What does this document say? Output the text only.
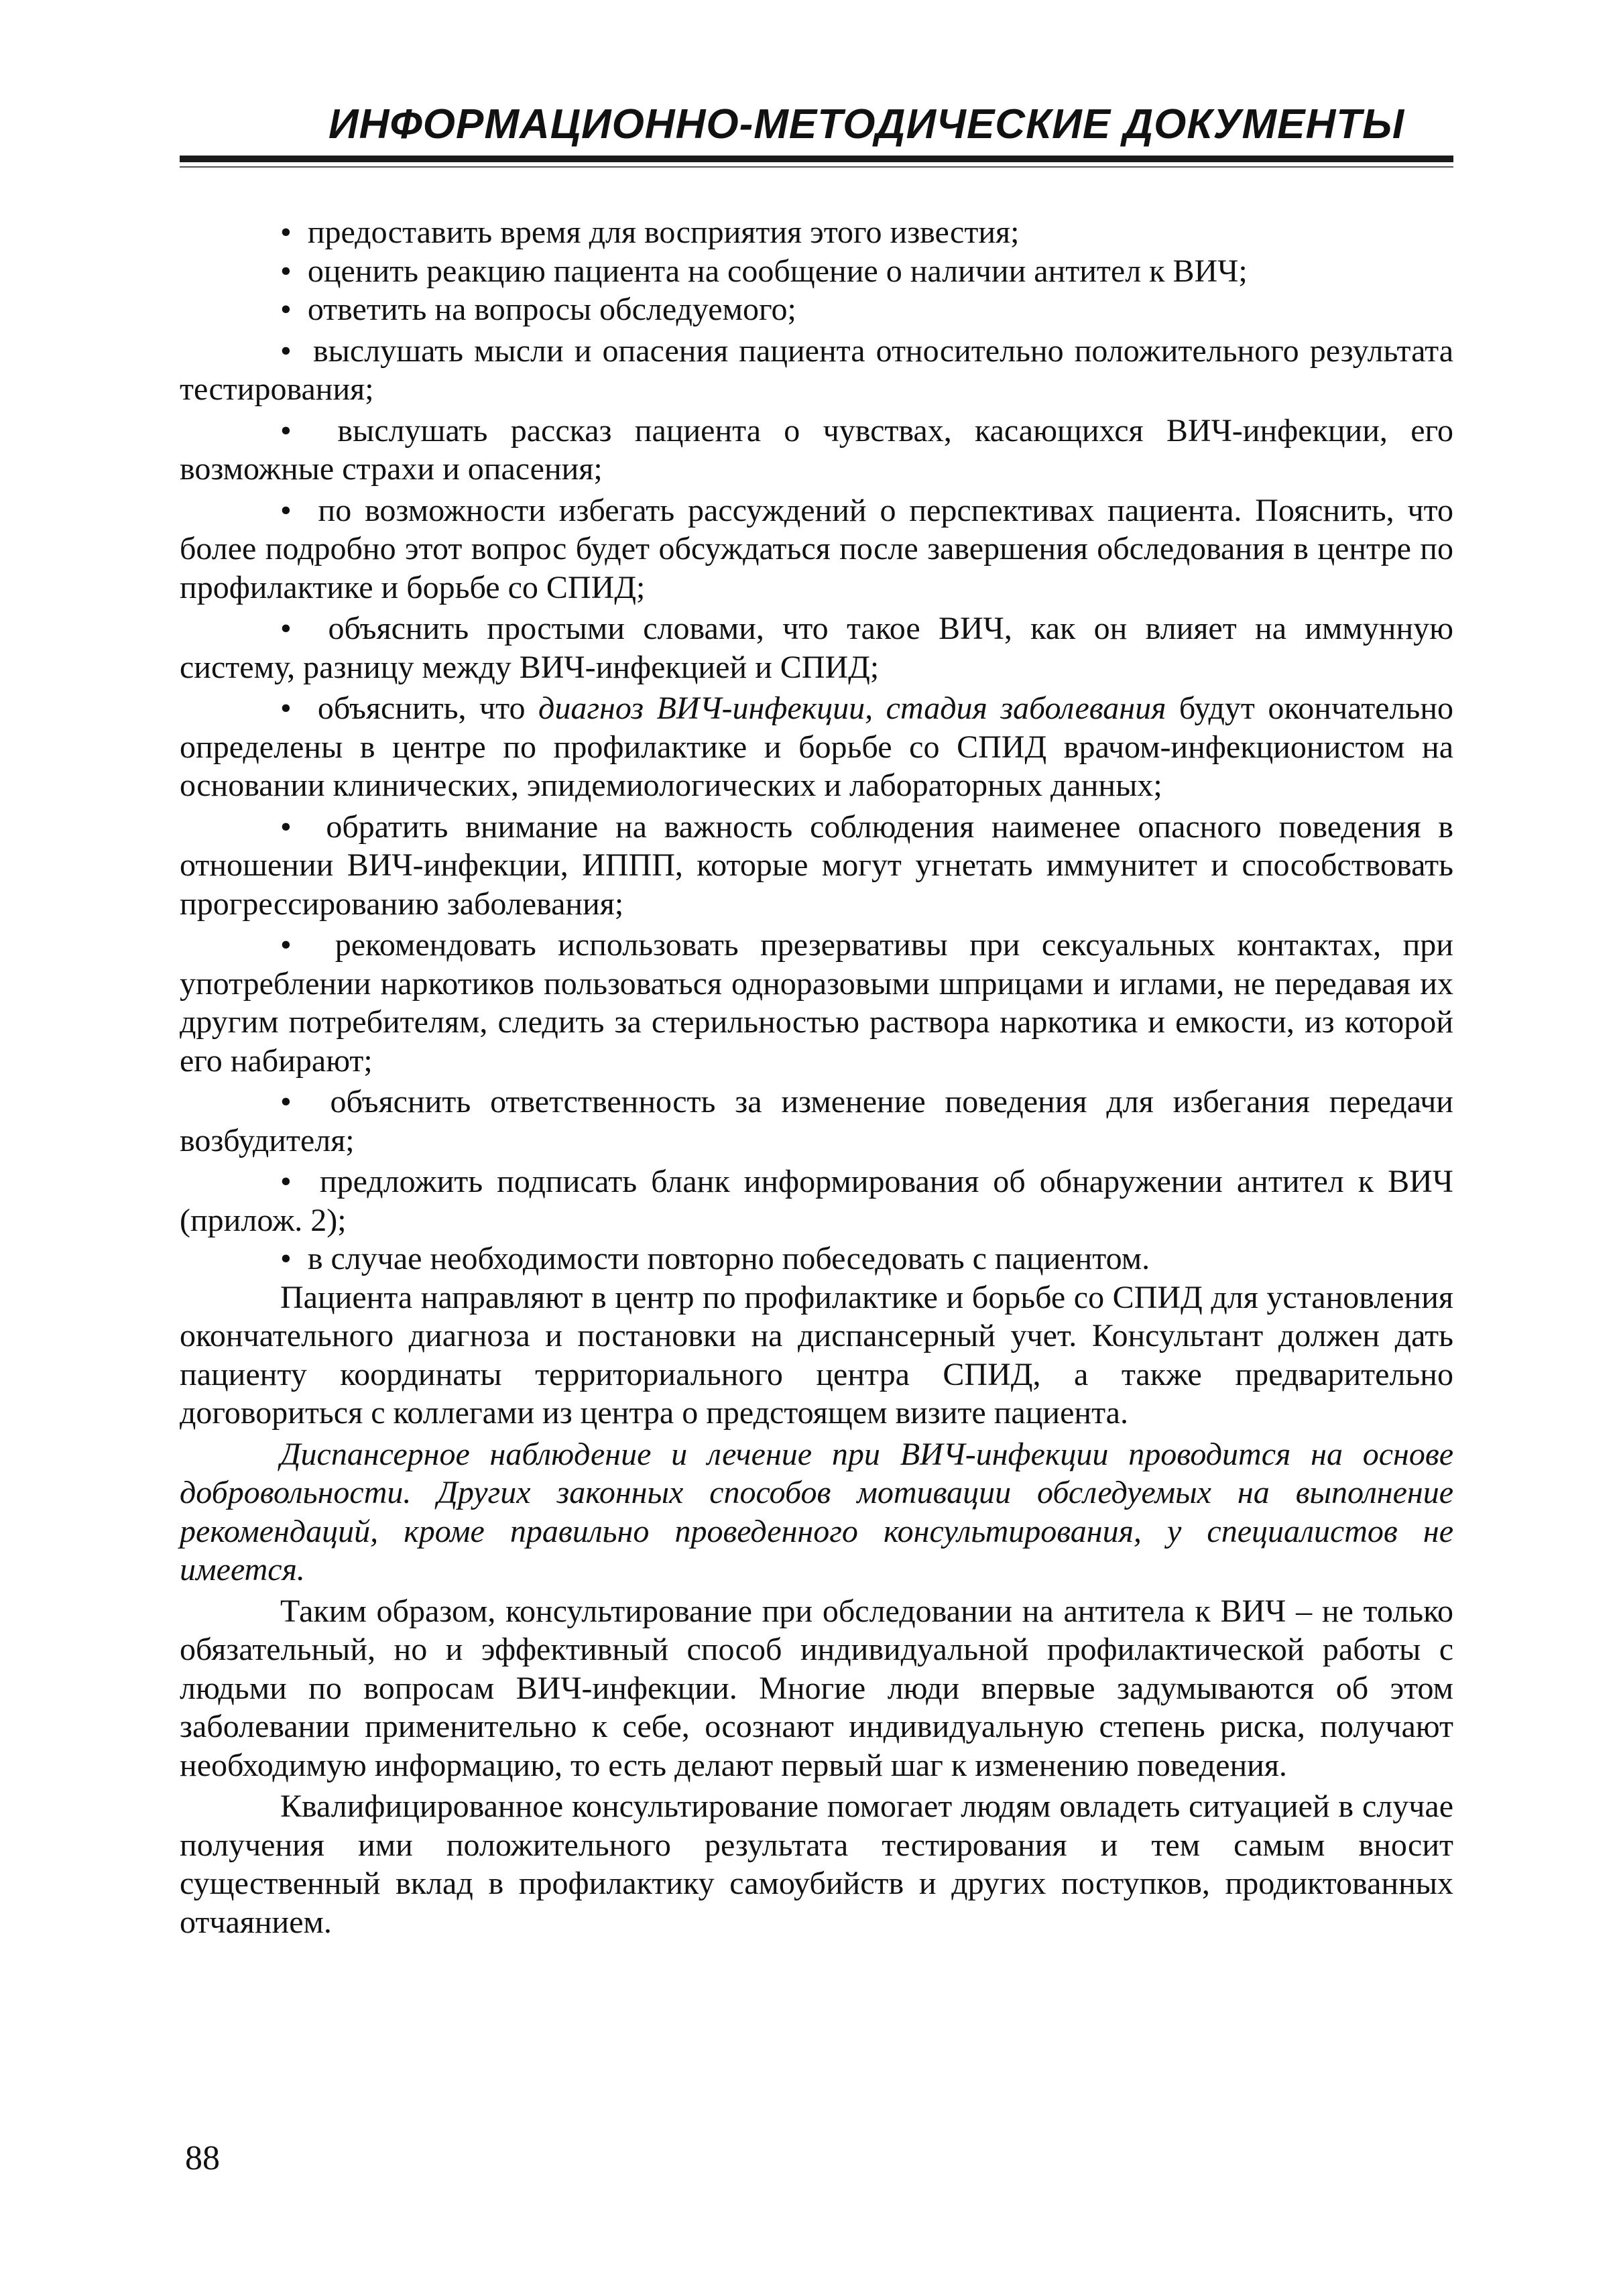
ИНФОРМАЦИОННО-МЕТОДИЧЕСКИЕ ДОКУМЕНТЫ

•  предоставить время для восприятия этого известия;

•  оценить реакцию пациента на сообщение о наличии антител к ВИЧ;

•  ответить на вопросы обследуемого;

•  выслушать мысли и опасения пациента относительно положительного результата тестирования;

•  выслушать рассказ пациента о чувствах, касающихся ВИЧ-инфекции, его возможные страхи и опасения;

•  по возможности избегать рассуждений о перспективах пациента. Пояснить, что более подробно этот вопрос будет обсуждаться после завершения обследования в центре по профилактике и борьбе со СПИД;

•  объяснить простыми словами, что такое ВИЧ, как он влияет на иммунную систему, разницу между ВИЧ-инфекцией и СПИД;

•  объяснить, что диагноз ВИЧ-инфекции, стадия заболевания будут окончательно определены в центре по профилактике и борьбе со СПИД врачом-инфекционистом на основании клинических, эпидемиологических и лабораторных данных;

•  обратить внимание на важность соблюдения наименее опасного поведения в отношении ВИЧ-инфекции, ИППП, которые могут угнетать иммунитет и способствовать прогрессированию заболевания;

•  рекомендовать использовать презервативы при сексуальных контактах, при употреблении наркотиков пользоваться одноразовыми шприцами и иглами, не передавая их другим потребителям, следить за стерильностью раствора наркотика и емкости, из которой его набирают;

•  объяснить ответственность за изменение поведения для избегания передачи возбудителя;

•  предложить подписать бланк информирования об обнаружении антител к ВИЧ (прилож. 2);

•  в случае необходимости повторно побеседовать с пациентом.

Пациента направляют в центр по профилактике и борьбе со СПИД для установления окончательного диагноза и постановки на диспансерный учет. Консультант должен дать пациенту координаты территориального центра СПИД, а также предварительно договориться с коллегами из центра о предстоящем визите пациента.

Диспансерное наблюдение и лечение при ВИЧ-инфекции проводится на основе добровольности. Других законных способов мотивации обследуемых на выполнение рекомендаций, кроме правильно проведенного консультирования, у специалистов не имеется.

Таким образом, консультирование при обследовании на антитела к ВИЧ – не только обязательный, но и эффективный способ индивидуальной профилактической работы с людьми по вопросам ВИЧ-инфекции. Многие люди впервые задумываются об этом заболевании применительно к себе, осознают индивидуальную степень риска, получают необходимую информацию, то есть делают первый шаг к изменению поведения.

Квалифицированное консультирование помогает людям овладеть ситуацией в случае получения ими положительного результата тестирования и тем самым вносит существенный вклад в профилактику самоубийств и других поступков, продиктованных отчаянием.

88
